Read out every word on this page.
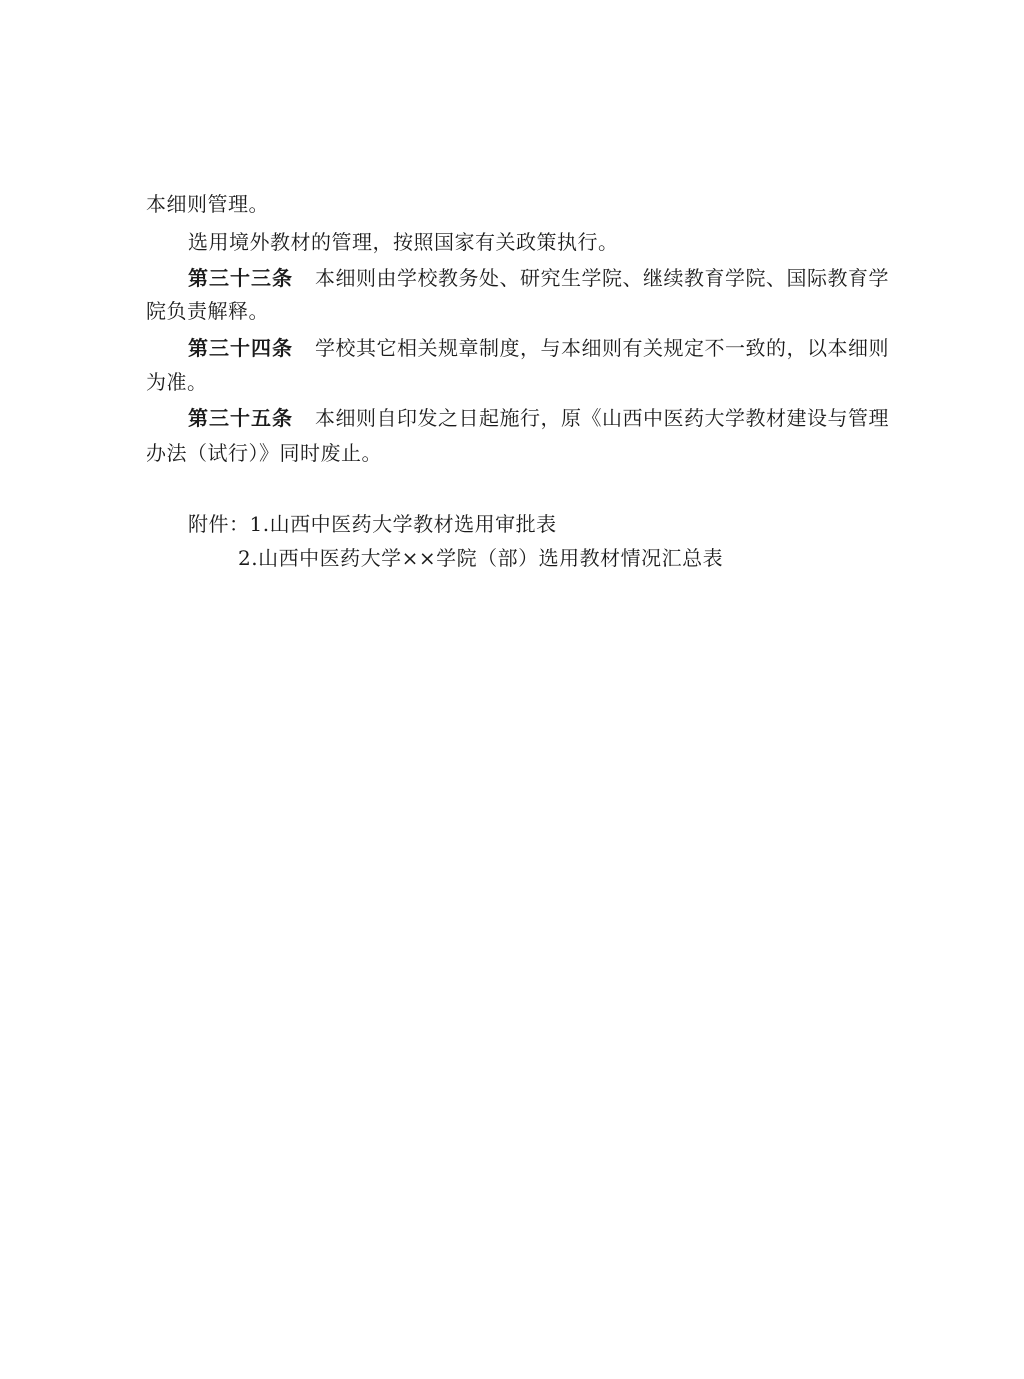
本细则管理。
选用境外教材的管理，按照国家有关政策执行。
第三十三条 本细则由学校教务处、研究生学院、继续教育学院、国际教育学
院负责解释。
第三十四条 学校其它相关规章制度，与本细则有关规定不一致的，以本细则
为准。
第三十五条 本细则自印发之日起施行，原《山西中医药大学教材建设与管理
办法（试行）》同时废止。
附件：1.山西中医药大学教材选用审批表
2.山西中医药大学××学院（部）选用教材情况汇总表
